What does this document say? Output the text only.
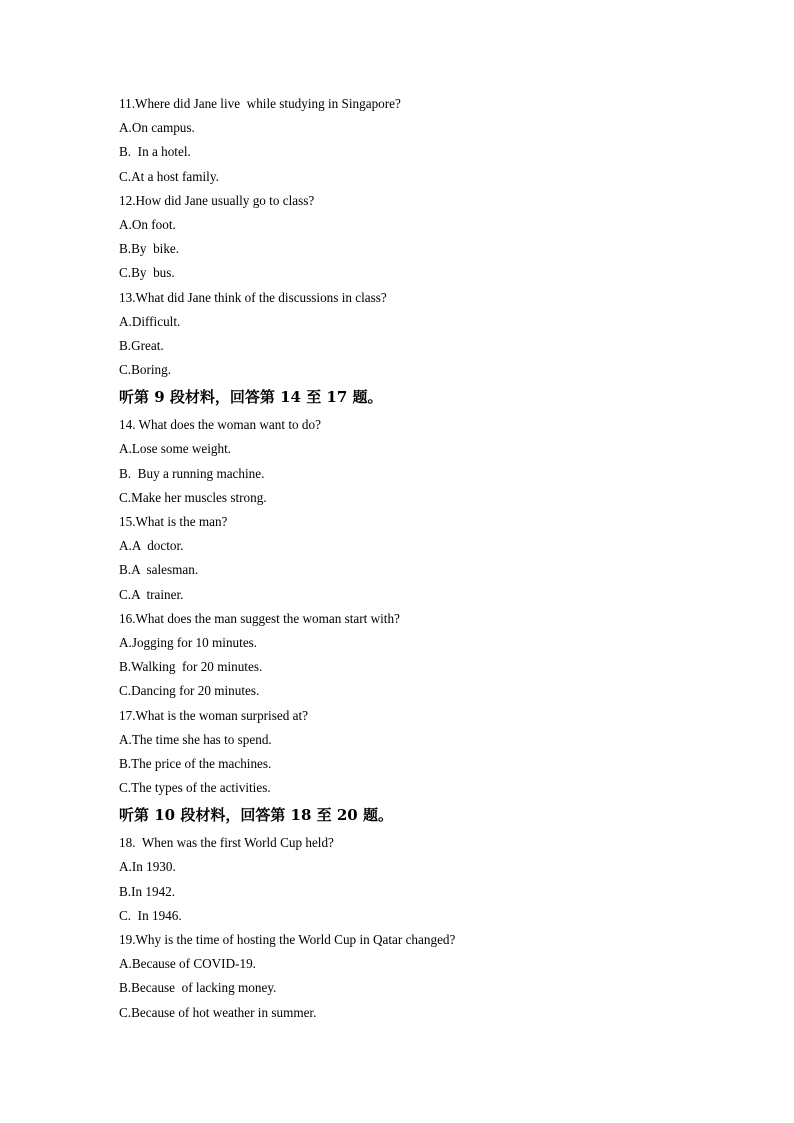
11.Where did Jane live  while studying in Singapore?
A.On campus.
B.  In a hotel.
C.At a host family.
12.How did Jane usually go to class?
A.On foot.
B.By  bike.
C.By  bus.
13.What did Jane think of the discussions in class?
A.Difficult.
B.Great.
C.Boring.
听第 9 段材料，回答第 14 至 17 题。
14. What does the woman want to do?
A.Lose some weight.
B.  Buy a running machine.
C.Make her muscles strong.
15.What is the man?
A.A  doctor.
B.A  salesman.
C.A  trainer.
16.What does the man suggest the woman start with?
A.Jogging for 10 minutes.
B.Walking  for 20 minutes.
C.Dancing for 20 minutes.
17.What is the woman surprised at?
A.The time she has to spend.
B.The price of the machines.
C.The types of the activities.
听第 10 段材料，回答第 18 至 20 题。
18.  When was the first World Cup held?
A.In 1930.
B.In 1942.
C.  In 1946.
19.Why is the time of hosting the World Cup in Qatar changed?
A.Because of COVID-19.
B.Because  of lacking money.
C.Because of hot weather in summer.
